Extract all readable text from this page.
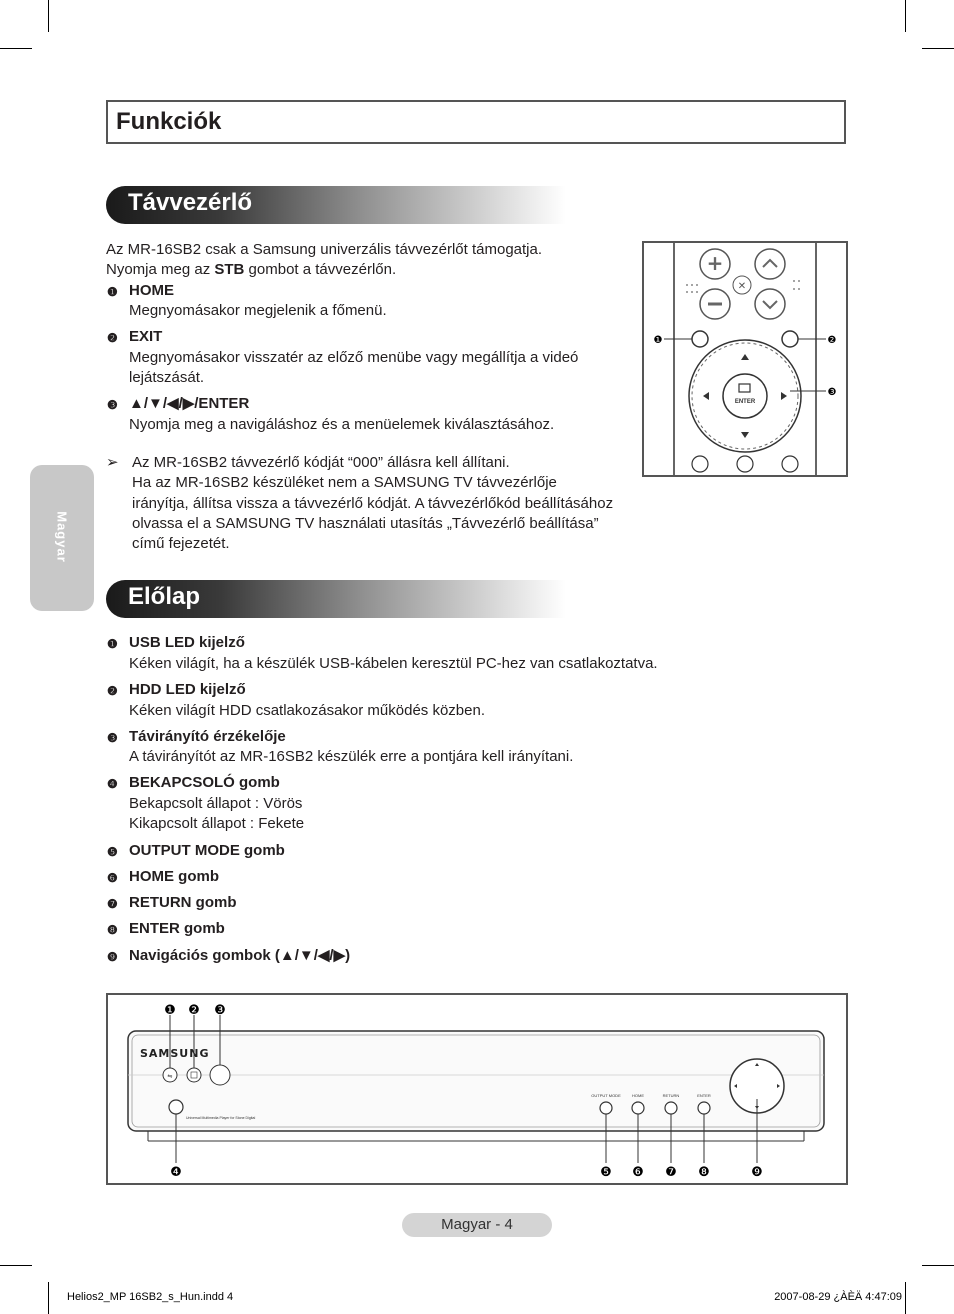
Funkciók
Távvezérlő
Az MR-16SB2 csak a Samsung univerzális távvezérlőt támogatja.
Nyomja meg az STB gombot a távvezérlőn.
❶ HOME
Megnyomásakor megjelenik a főmenü.
❷ EXIT
Megnyomásakor visszatér az előző menübe vagy megállítja a videó
lejátszását.
❸ ▲/▼/◀/▶/ENTER
Nyomja meg a navigáláshoz és a menüelemek kiválasztásához.
➢ Az MR-16SB2 távvezérlő kódját “000” állásra kell állítani.
Ha az MR-16SB2 készüléket nem a SAMSUNG TV távvezérlője
irányítja, állítsa vissza a távvezérlő kódját. A távvezérlőkód beállításához
olvassa el a SAMSUNG TV használati utasítás „Távvezérlő beállítása”
című fejezetét.
+
✕
ENTER
❶	❷
❸
Magyar
Előlap
❶ USB LED kijelző
Kéken világít, ha a készülék USB-kábelen keresztül PC-hez van csatlakoztatva.
❷ HDD LED kijelző
Kéken világít HDD csatlakozásakor működés közben.
❸ Távirányító érzékelője
A távirányítót az MR-16SB2 készülék erre a pontjára kell irányítani.
❹ BEKAPCSOLÓ gomb
Bekapcsolt állapot : Vörös
Kikapcsolt állapot : Fekete
❺ OUTPUT MODE gomb
❻ HOME gomb
❼ RETURN gomb
❽ ENTER gomb
❾ Navigációs gombok (▲/▼/◀/▶)
SAMSUNG
⇋
Universal Multimedia Player for Stone Digital
OUTPUT MODE	HOME	RETURN	ENTER
❶ ❷ ❸
❹	❺ ❻ ❼ ❽	❾
Magyar - 4
Helios2_MP 16SB2_s_Hun.indd 4	2007-08-29 ¿ÀÈÄ 4:47:09
